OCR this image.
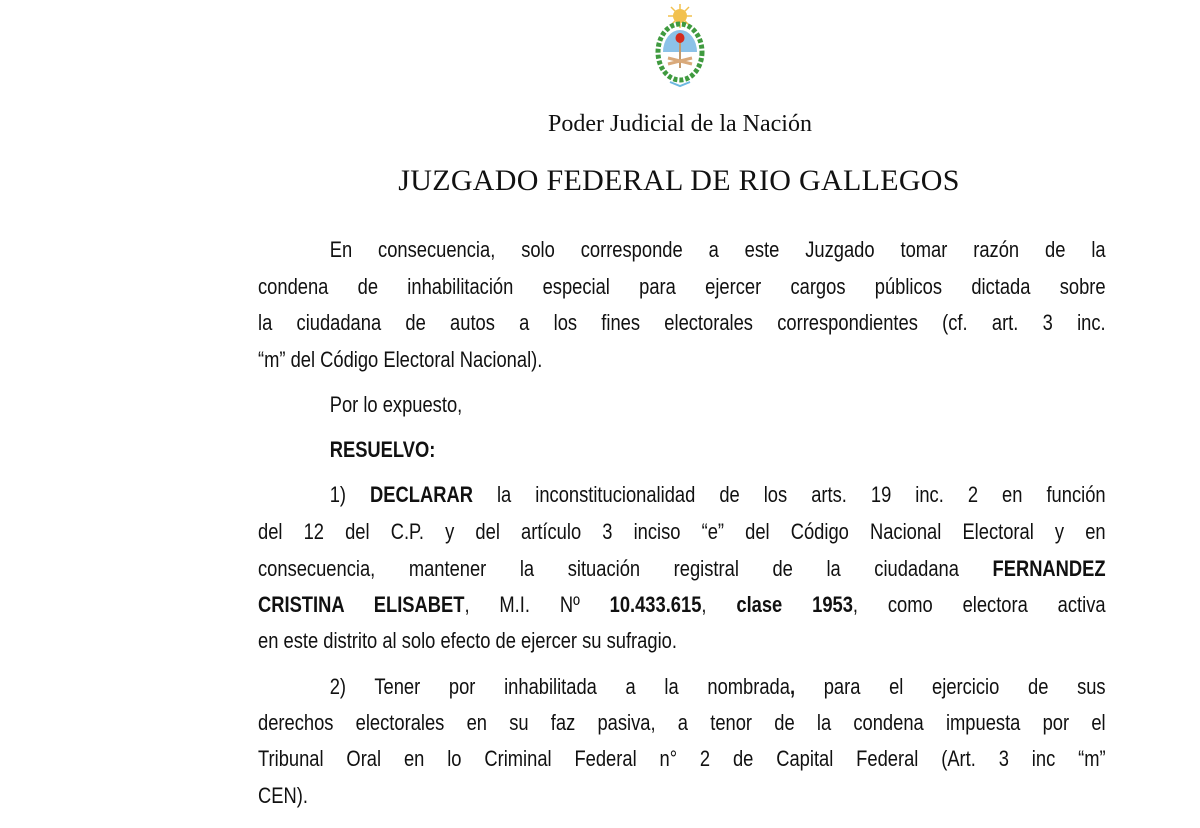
Poder Judicial de la Nación
JUZGADO FEDERAL DE RIO GALLEGOS
En consecuencia, solo corresponde a este Juzgado tomar razón de la
condena de inhabilitación especial para ejercer cargos públicos dictada sobre
la ciudadana de autos a los fines electorales correspondientes (cf. art. 3 inc.
“m” del Código Electoral Nacional).
Por lo expuesto,
RESUELVO:
1) DECLARAR la inconstitucionalidad de los arts. 19 inc. 2 en función
del 12 del C.P. y del artículo 3 inciso “e” del Código Nacional Electoral y en
consecuencia, mantener la situación registral de la ciudadana FERNANDEZ
CRISTINA ELISABET, M.I. Nº 10.433.615, clase 1953, como electora activa
en este distrito al solo efecto de ejercer su sufragio.
2) Tener por inhabilitada a la nombrada, para el ejercicio de sus
derechos electorales en su faz pasiva, a tenor de la condena impuesta por el
Tribunal Oral en lo Criminal Federal n° 2 de Capital Federal (Art. 3 inc “m”
CEN).
